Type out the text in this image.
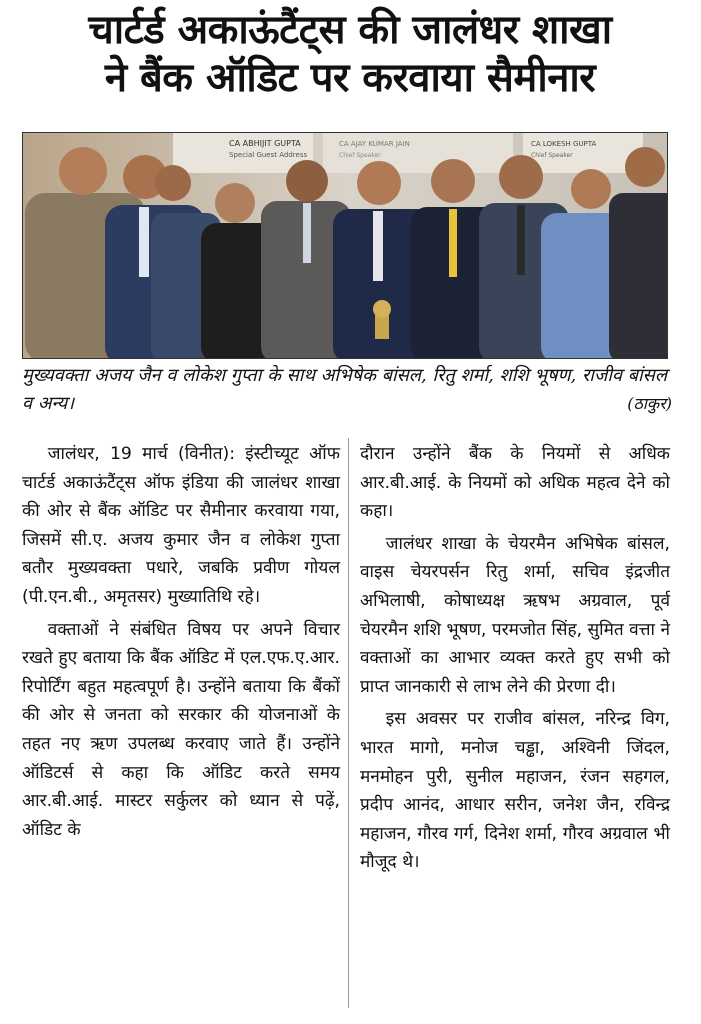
चार्टर्ड अकाऊंटैंट्स की जालंधर शाखा
ने बैंक ऑडिट पर करवाया सैमीनार
CA ABHIJIT GUPTA
Special Guest Address
CA AJAY KUMAR JAIN
Chief Speaker
CA LOKESH GUPTA
Chief Speaker
मुख्यवक्ता अजय जैन व लोकेश गुप्ता के साथ अभिषेक बांसल, रितु शर्मा, शशि भूषण, राजीव बांसल व अन्य।	(ठाकुर)

जालंधर, 19 मार्च (विनीत): इंस्टीच्यूट ऑफ चार्टर्ड अकाऊंटैंट्स ऑफ इंडिया की जालंधर शाखा की ओर से बैंक ऑडिट पर सैमीनार करवाया गया, जिसमें सी.ए. अजय कुमार जैन व लोकेश गुप्ता बतौर मुख्यवक्ता पधारे, जबकि प्रवीण गोयल (पी.एन.बी., अमृतसर) मुख्यातिथि रहे।

वक्ताओं ने संबंधित विषय पर अपने विचार रखते हुए बताया कि बैंक ऑडिट में एल.एफ.ए.आर. रिपोर्टिंग बहुत महत्वपूर्ण है। उन्होंने बताया कि बैंकों की ओर से जनता को सरकार की योजनाओं के तहत नए ऋण उपलब्ध करवाए जाते हैं। उन्होंने ऑडिटर्स से कहा कि ऑडिट करते समय आर.बी.आई. मास्टर सर्कुलर को ध्यान से पढ़ें, ऑडिट के

दौरान उन्होंने बैंक के नियमों से अधिक आर.बी.आई. के नियमों को अधिक महत्व देने को कहा।

जालंधर शाखा के चेयरमैन अभिषेक बांसल, वाइस चेयरपर्सन रितु शर्मा, सचिव इंद्रजीत अभिलाषी, कोषाध्यक्ष ऋषभ अग्रवाल, पूर्व चेयरमैन शशि भूषण, परमजोत सिंह, सुमित वत्ता ने वक्ताओं का आभार व्यक्त करते हुए सभी को प्राप्त जानकारी से लाभ लेने की प्रेरणा दी।

इस अवसर पर राजीव बांसल, नरिन्द्र विग, भारत मागो, मनोज चड्ढा, अश्विनी जिंदल, मनमोहन पुरी, सुनील महाजन, रंजन सहगल, प्रदीप आनंद, आधार सरीन, जनेश जैन, रविन्द्र महाजन, गौरव गर्ग, दिनेश शर्मा, गौरव अग्रवाल भी मौजूद थे।
